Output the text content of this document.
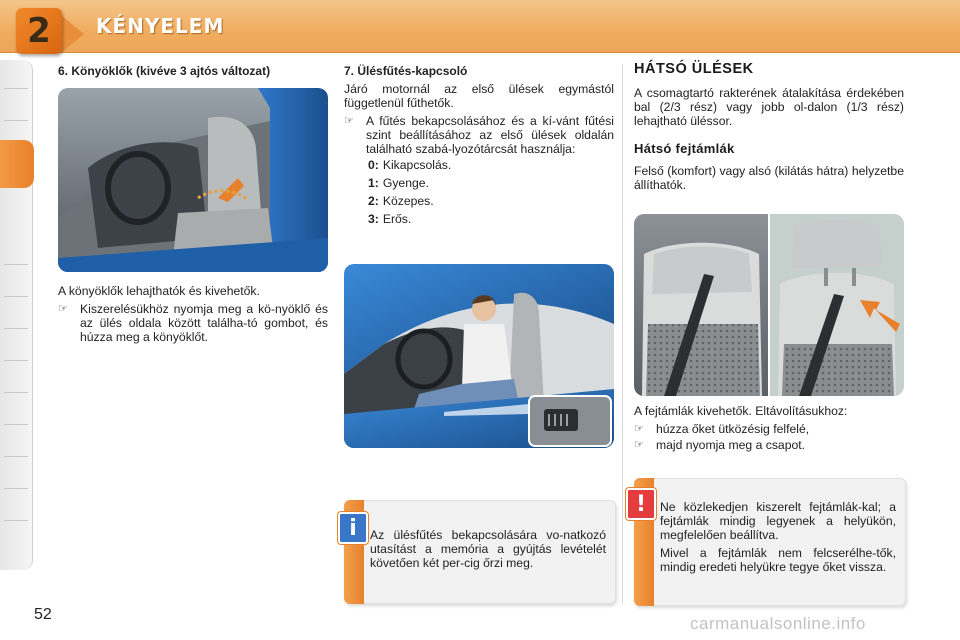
2	KÉNYELEM
6. Könyöklők (kivéve 3 ajtós változat)

A könyöklők lehajthatók és kivehetők.

☞ Kiszerelésükhöz nyomja meg a kö-nyöklő és az ülés oldala között találha-tó gombot, és húzza meg a könyöklőt.
7. Ülésfűtés-kapcsoló

Járó motornál az első ülések egymástól függetlenül fűthetők.

☞ A fűtés bekapcsolásához és a kí-vánt fűtési szint beállításához az első ülések oldalán található szabá-lyozótárcsát használja:
0: Kikapcsolás.
1: Gyenge.
2: Közepes.
3: Erős.
i	Az ülésfűtés bekapcsolására vo-natkozó utasítást a memória a gyújtás levételét követően két per-cig őrzi meg.
HÁTSÓ ÜLÉSEK

A csomagtartó rakterének átalakítása érdekében bal (2/3 rész) vagy jobb ol-dalon (1/3 rész) lehajtható üléssor.

Hátsó fejtámlák

Felső (komfort) vagy alsó (kilátás hátra) helyzetbe állíthatók.

A fejtámlák kivehetők. Eltávolításukhoz:

☞ húzza őket ütközésig felfelé,
☞ majd nyomja meg a csapot.
!	Ne közlekedjen kiszerelt fejtámlák-kal; a fejtámlák mindig legyenek a helyükön, megfelelően beállítva.

Mivel a fejtámlák nem felcserélhe-tők, mindig eredeti helyükre tegye őket vissza.

52	carmanualsonline.info
